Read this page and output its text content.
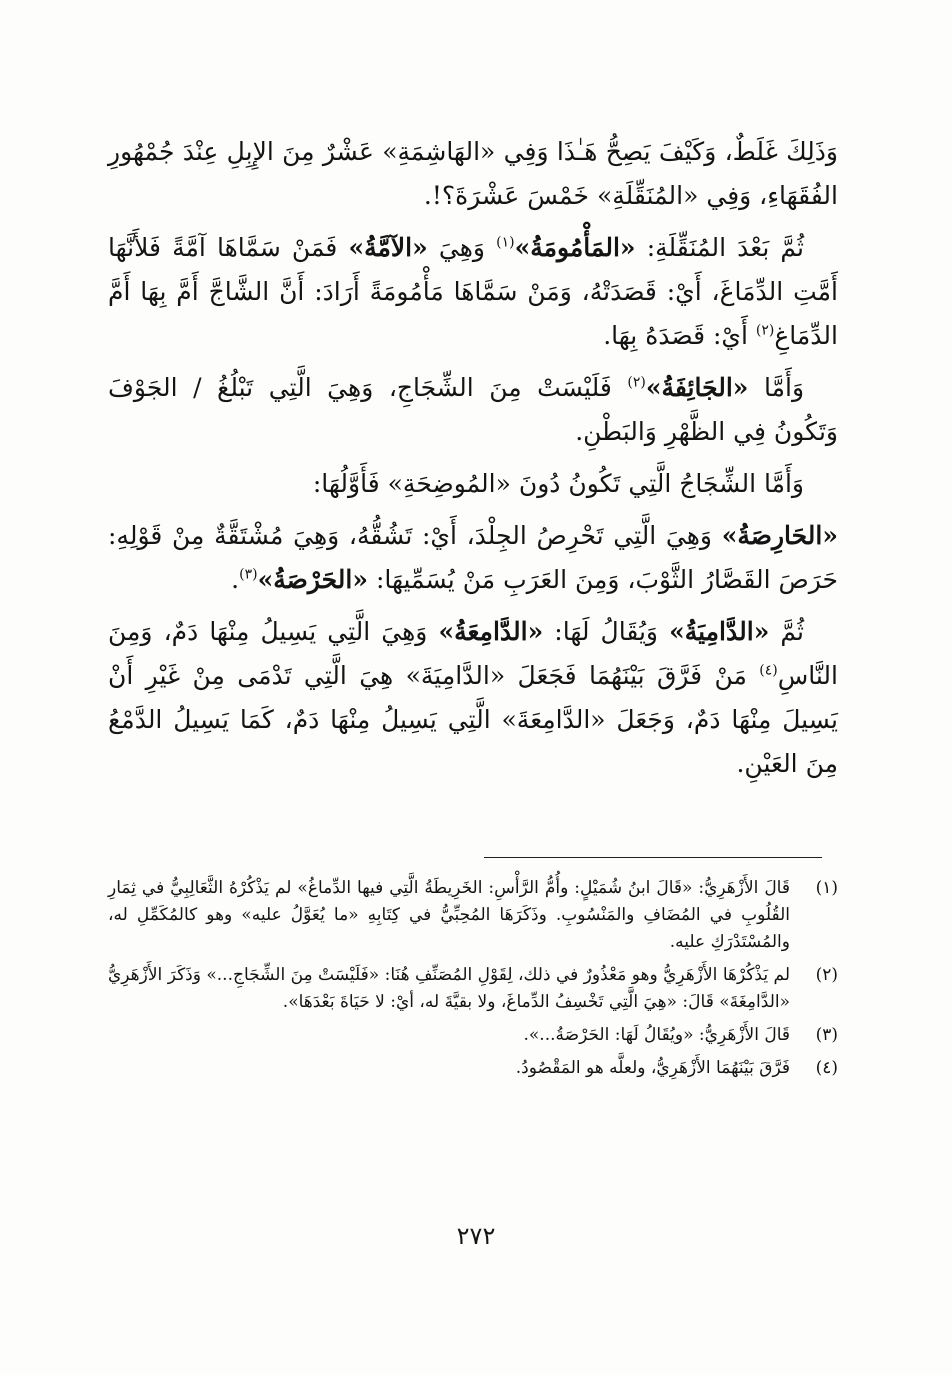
وَذَلِكَ غَلَطٌ، وَكَيْفَ يَصِحُّ هَـٰذَا وَفِي «الهَاشِمَةِ» عَشْرٌ مِنَ الإِبِلِ عِنْدَ جُمْهُورِ الفُقَهَاءِ، وَفِي «المُنَقِّلَةِ» خَمْسَ عَشْرَةَ؟!.

ثُمَّ بَعْدَ المُنَقِّلَةِ: «المَأْمُومَةُ»$^{(١)}$ وَهِيَ «الآمَّةُ» فَمَنْ سَمَّاهَا آمَّةً فَلأَنَّهَا أَمَّتِ الدِّمَاغَ، أَيْ: قَصَدَتْهُ، وَمَنْ سَمَّاهَا مَأْمُومَةً أَرَادَ: أَنَّ الشَّاجَّ أَمَّ بِهَا أَمَّ الدِّمَاغِ$^{(٢)}$ أَيْ: قَصَدَهُ بِهَا.

وَأَمَّا «الجَائِفَةُ»$^{(٢)}$ فَلَيْسَتْ مِنَ الشِّجَاجِ، وَهِيَ الَّتِي تَبْلُغُ / الجَوْفَ وَتَكُونُ فِي الظَّهْرِ وَالبَطْنِ.

وَأَمَّا الشِّجَاجُ الَّتِي تَكُونُ دُونَ «المُوضِحَةِ» فَأَوَّلُهَا:

«الحَارِصَةُ» وَهِيَ الَّتِي تَحْرِصُ الجِلْدَ، أَيْ: تَشُقُّهُ، وَهِيَ مُشْتَقَّةٌ مِنْ قَوْلِهِ: حَرَصَ القَصَّارُ الثَّوْبَ، وَمِنَ العَرَبِ مَنْ يُسَمِّيهَا: «الحَرْصَةُ»$^{(٣)}$.

ثُمَّ «الدَّامِيَةُ» وَيُقَالُ لَهَا: «الدَّامِعَةُ» وَهِيَ الَّتِي يَسِيلُ مِنْهَا دَمٌ، وَمِنَ النَّاسِ$^{(٤)}$ مَنْ فَرَّقَ بَيْنَهُمَا فَجَعَلَ «الدَّامِيَةَ» هِيَ الَّتِي تَدْمَى مِنْ غَيْرِ أَنْ يَسِيلَ مِنْهَا دَمٌ، وَجَعَلَ «الدَّامِعَةَ» الَّتِي يَسِيلُ مِنْهَا دَمٌ، كَمَا يَسِيلُ الدَّمْعُ مِنَ العَيْنِ.

(١)
قَالَ الأَزْهَرِيُّ: «قَالَ ابنُ شُمَيْلٍ: وأُمُّ الرَّأْسِ: الخَرِيطَةُ الَّتِي فيها الدِّماغُ» لم يَذْكُرْهُ الثَّعَالِبِيُّ في ثِمَارِ القُلُوبِ في المُضَافِ والمَنْسُوبِ. وذَكَرَهَا المُحِبِّيُّ في كِتَابِهِ «ما يُعَوَّلُ عليه» وهو كالمُكَمِّلِ له، والمُسْتَدْرَكِ عليه.
(٢)
لم يَذْكُرْهَا الأَزْهَرِيُّ وهو مَعْذُورٌ في ذلك، لِقَوْلِ المُصَنِّفِ هُنَا: «فَلَيْسَتْ مِنَ الشِّجَاجِ...» وَذَكَرَ الأَزْهَرِيُّ «الدَّامِغَةَ» قَالَ: «هِيَ الَّتِي تَخْسِفُ الدِّماغَ، ولا بقيَّةَ له، أيْ: لا حَيَاةَ بَعْدَهَا».
(٣)
قَالَ الأَزْهَرِيُّ: «ويُقَالُ لَهَا: الحَرْصَةُ...».
(٤)
فَرَّقَ بَيْنَهُمَا الأَزْهَرِيُّ، ولعلَّه هو المَقْصُودُ.
٢٧٢
